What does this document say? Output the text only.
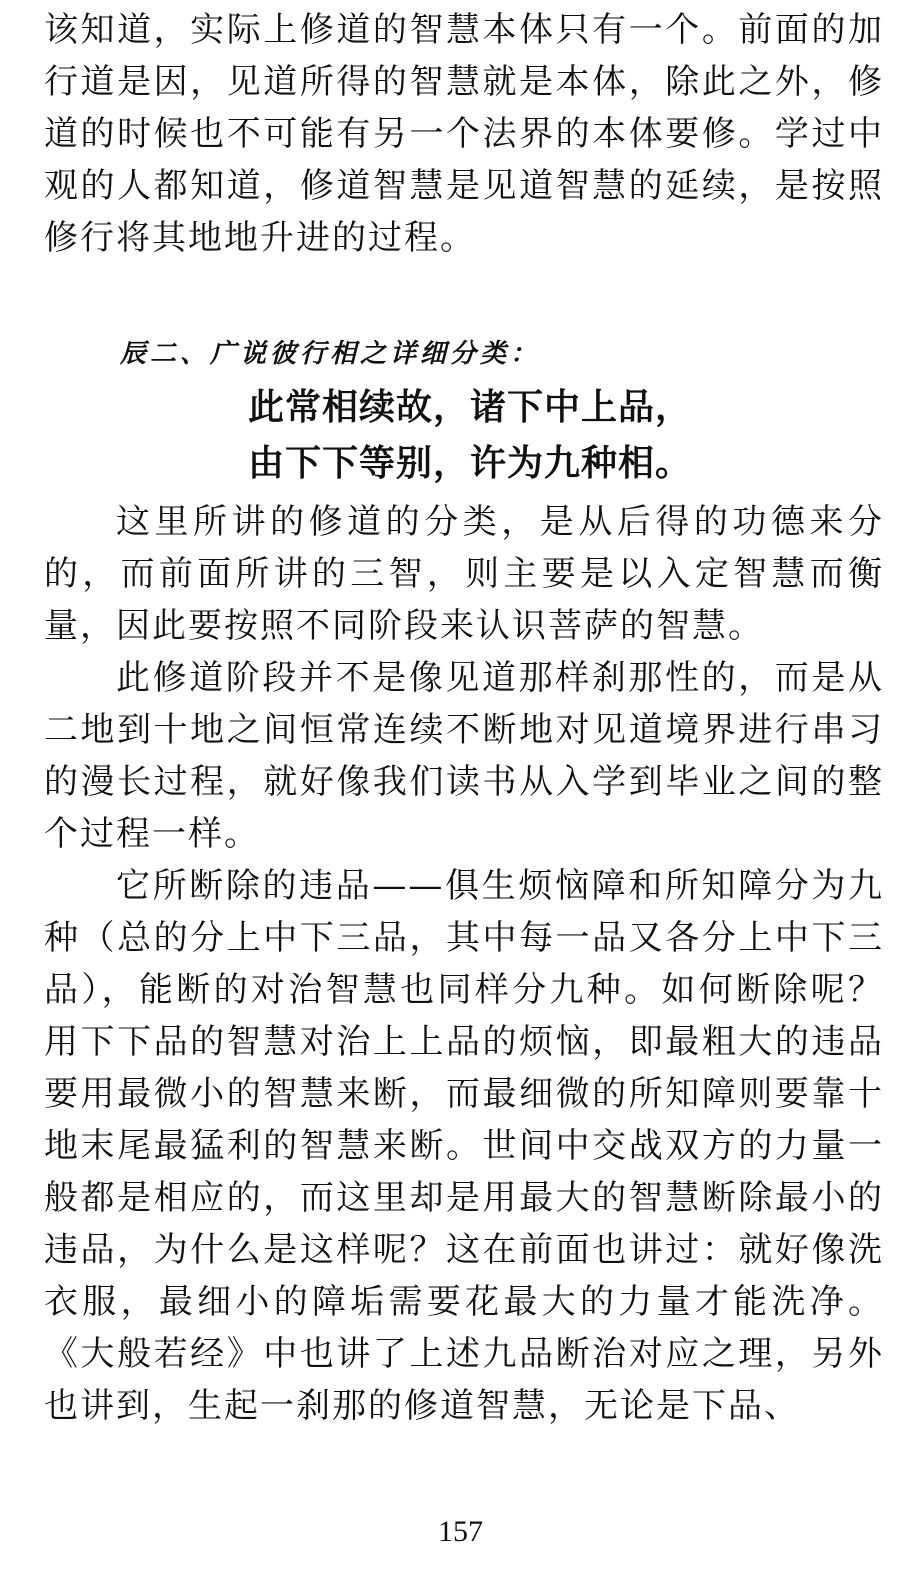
该知道，实际上修道的智慧本体只有一个。前面的加行道是因，见道所得的智慧就是本体，除此之外，修道的时候也不可能有另一个法界的本体要修。学过中观的人都知道，修道智慧是见道智慧的延续，是按照修行将其地地升进的过程。
辰二、广说彼行相之详细分类：
此常相续故，诸下中上品，
由下下等别，许为九种相。
这里所讲的修道的分类，是从后得的功德来分的，而前面所讲的三智，则主要是以入定智慧而衡量，因此要按照不同阶段来认识菩萨的智慧。
此修道阶段并不是像见道那样刹那性的，而是从二地到十地之间恒常连续不断地对见道境界进行串习的漫长过程，就好像我们读书从入学到毕业之间的整个过程一样。
它所断除的违品——俱生烦恼障和所知障分为九种（总的分上中下三品，其中每一品又各分上中下三品），能断的对治智慧也同样分九种。如何断除呢？用下下品的智慧对治上上品的烦恼，即最粗大的违品要用最微小的智慧来断，而最细微的所知障则要靠十地末尾最猛利的智慧来断。世间中交战双方的力量一般都是相应的，而这里却是用最大的智慧断除最小的违品，为什么是这样呢？这在前面也讲过：就好像洗衣服，最细小的障垢需要花最大的力量才能洗净。《大般若经》中也讲了上述九品断治对应之理，另外也讲到，生起一刹那的修道智慧，无论是下品、
157
